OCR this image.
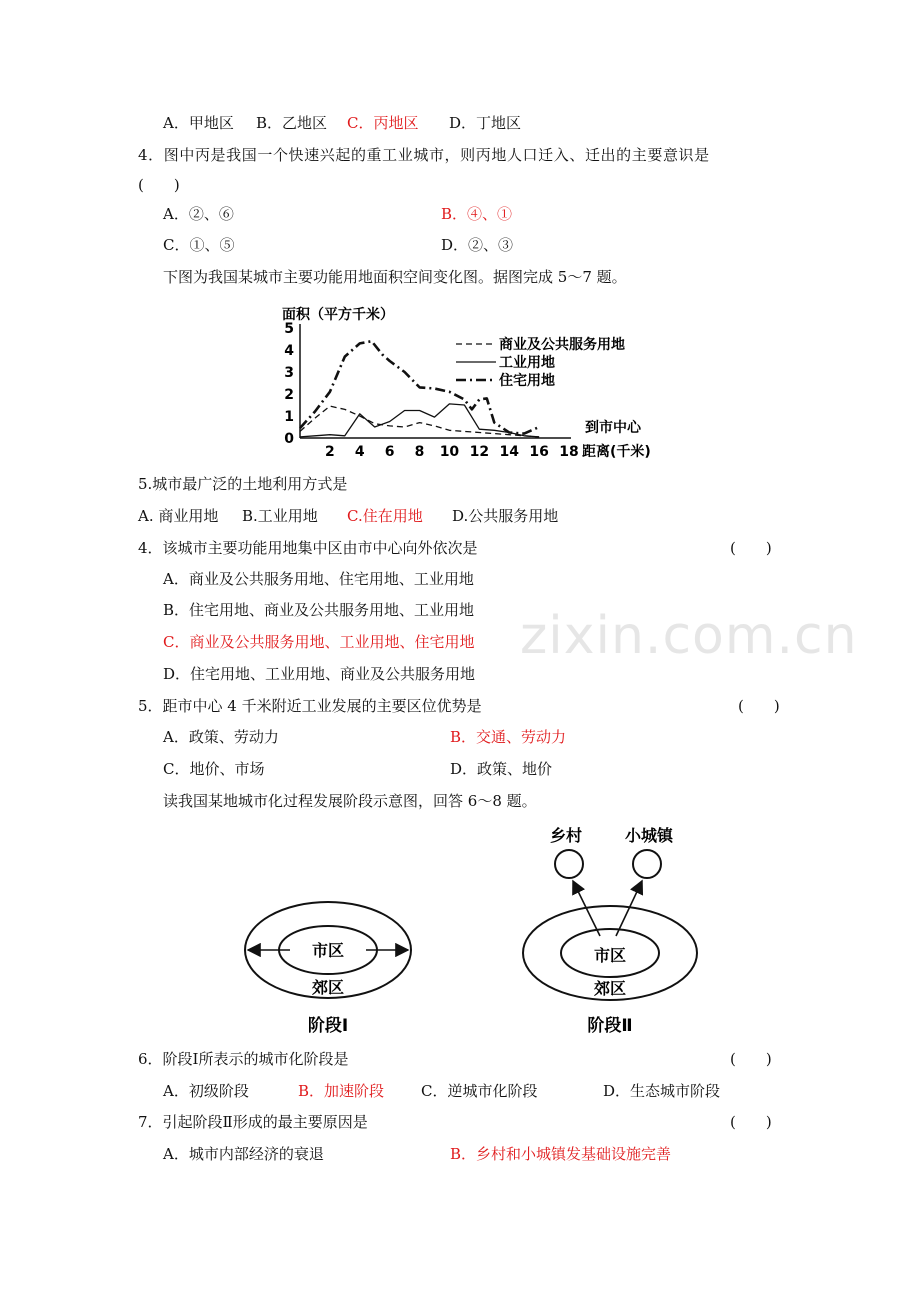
zixin.com.cn
A．甲地区 B．乙地区 C．丙地区 D．丁地区
4．图中丙是我国一个快速兴起的重工业城市，则丙地人口迁入、迁出的主要意识是
(　　)
A．②、⑥	B．④、①
C．①、⑤	D．②、③
下图为我国某城市主要功能用地面积空间变化图。据图完成 5～7 题。
面积（平方千米）
0
1
2
3
4
5
2 4 6 8 10 12 14 16 18
到市中心
距离(千米)
商业及公共服务用地
工业用地
住宅用地
5.城市最广泛的土地利用方式是
A. 商业用地 B.工业用地 C.住在用地 D.公共服务用地
4．该城市主要功能用地集中区由市中心向外依次是	(　　)
A．商业及公共服务用地、住宅用地、工业用地
B．住宅用地、商业及公共服务用地、工业用地
C．商业及公共服务用地、工业用地、住宅用地
D．住宅用地、工业用地、商业及公共服务用地
5．距市中心 4 千米附近工业发展的主要区位优势是	(　　)
A．政策、劳动力	B．交通、劳动力
C．地价、市场	D．政策、地价
读我国某地城市化过程发展阶段示意图，回答 6～8 题。
市区
郊区
阶段Ⅰ
乡村	小城镇
市区
郊区
阶段Ⅱ
6．阶段Ⅰ所表示的城市化阶段是	(　　)
A．初级阶段	B．加速阶段 C．逆城市化阶段	D．生态城市阶段
7．引起阶段Ⅱ形成的最主要原因是	(　　)
A．城市内部经济的衰退	B．乡村和小城镇发基础设施完善
